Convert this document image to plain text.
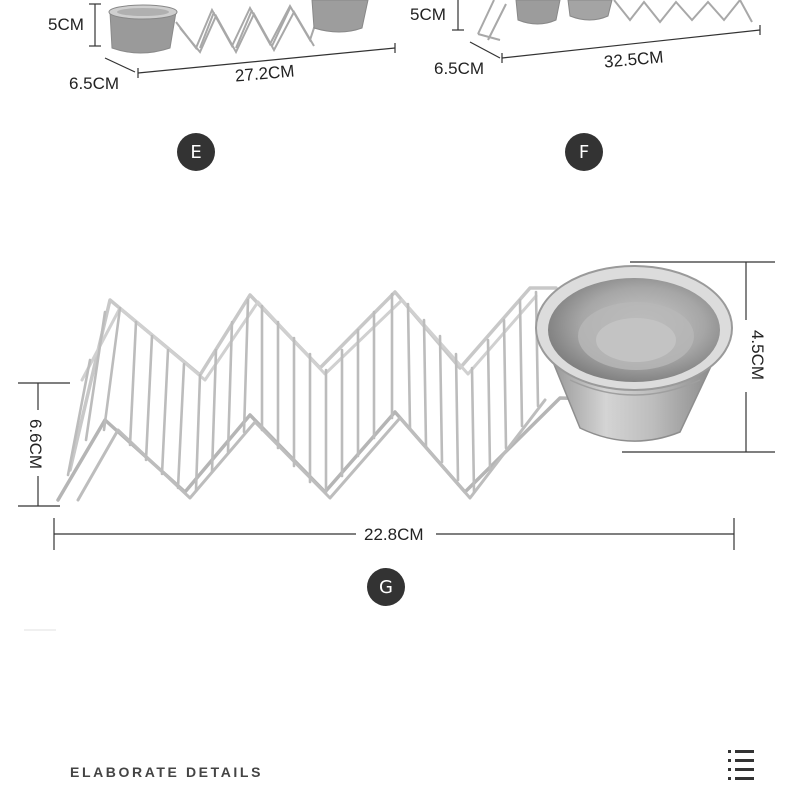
5CM
6.5CM	27.2CM
E
5CM
6.5CM	32.5CM
F
4.5CM
6.6CM
22.8CM
G
ELABORATE DETAILS
